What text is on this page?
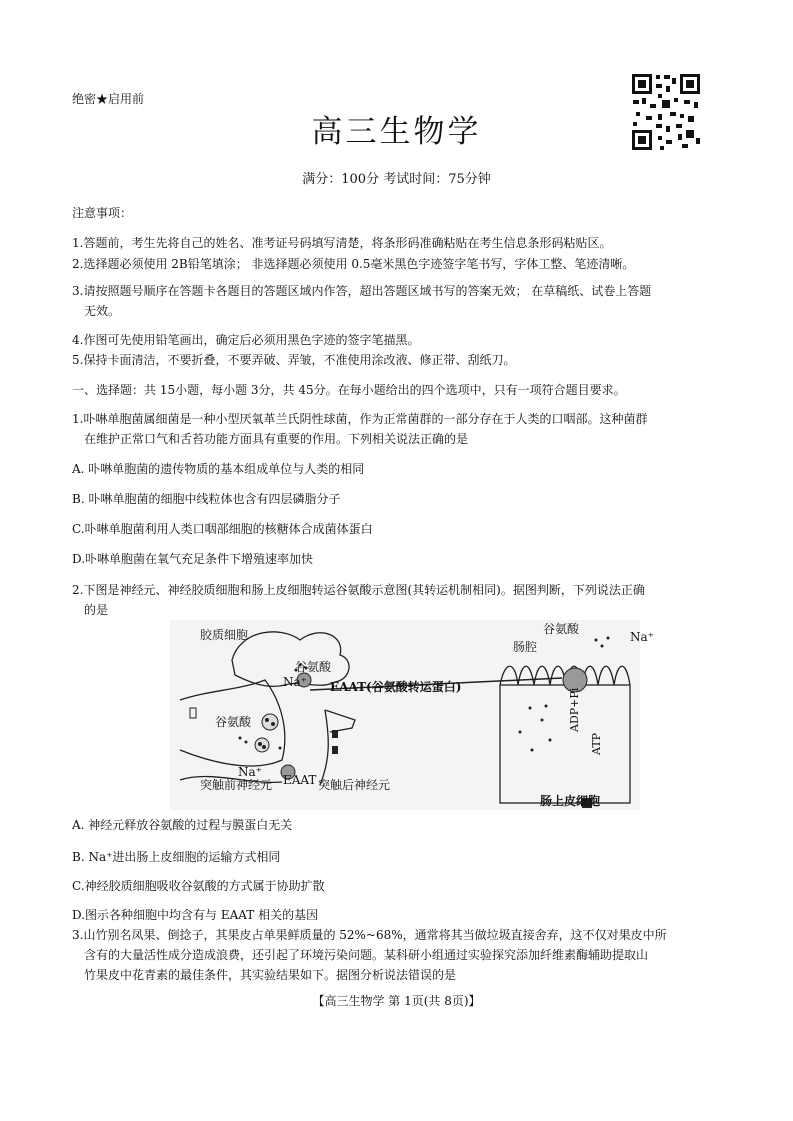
绝密★启用前
高三生物学
满分：100分 考试时间：75分钟
注意事项：
1.答题前，考生先将自己的姓名、准考证号码填写清楚，将条形码准确粘贴在考生信息条形码粘贴区。
2.选择题必须使用 2B铅笔填涂； 非选择题必须使用 0.5毫米黑色字迹签字笔书写，字体工整、笔迹清晰。
3.请按照题号顺序在答题卡各题目的答题区域内作答，超出答题区域书写的答案无效； 在草稿纸、试卷上答题
无效。
4.作图可先使用铅笔画出，确定后必须用黑色字迹的签字笔描黑。
5.保持卡面清洁，不要折叠，不要弄破、弄皱，不准使用涂改液、修正带、刮纸刀。
一、选择题：共 15小题，每小题 3分，共 45分。在每小题给出的四个选项中，只有一项符合题目要求。
1.卟啉单胞菌属细菌是一种小型厌氧革兰氏阴性球菌，作为正常菌群的一部分存在于人类的口咽部。这种菌群
在维护正常口气和舌苔功能方面具有重要的作用。下列相关说法正确的是
A. 卟啉单胞菌的遗传物质的基本组成单位与人类的相同
B. 卟啉单胞菌的细胞中线粒体也含有四层磷脂分子
C.卟啉单胞菌利用人类口咽部细胞的核糖体合成菌体蛋白
D.卟啉单胞菌在氧气充足条件下增殖速率加快
2.下图是神经元、神经胶质细胞和肠上皮细胞转运谷氨酸示意图(其转运机制相同)。据图判断，下列说法正确
的是
胶质细胞
谷氨酸
Na⁺ EAAT(谷氨酸转运蛋白)
谷氨酸
Na⁺
EAAT
突触前神经元	突触后神经元
谷氨酸
Na⁺
肠腔
ADP+Pi
ATP
肠上皮细胞
A. 神经元释放谷氨酸的过程与膜蛋白无关
B. Na⁺进出肠上皮细胞的运输方式相同
C.神经胶质细胞吸收谷氨酸的方式属于协助扩散
D.图示各种细胞中均含有与 EAAT 相关的基因
3.山竹别名凤果、倒捻子，其果皮占单果鲜质量的 52%~68%，通常将其当做垃圾直接舍弃，这不仅对果皮中所
含有的大量活性成分造成浪费，还引起了环境污染问题。某科研小组通过实验探究添加纤维素酶辅助提取山
竹果皮中花青素的最佳条件，其实验结果如下。据图分析说法错误的是
【高三生物学 第 1页(共 8页)】
